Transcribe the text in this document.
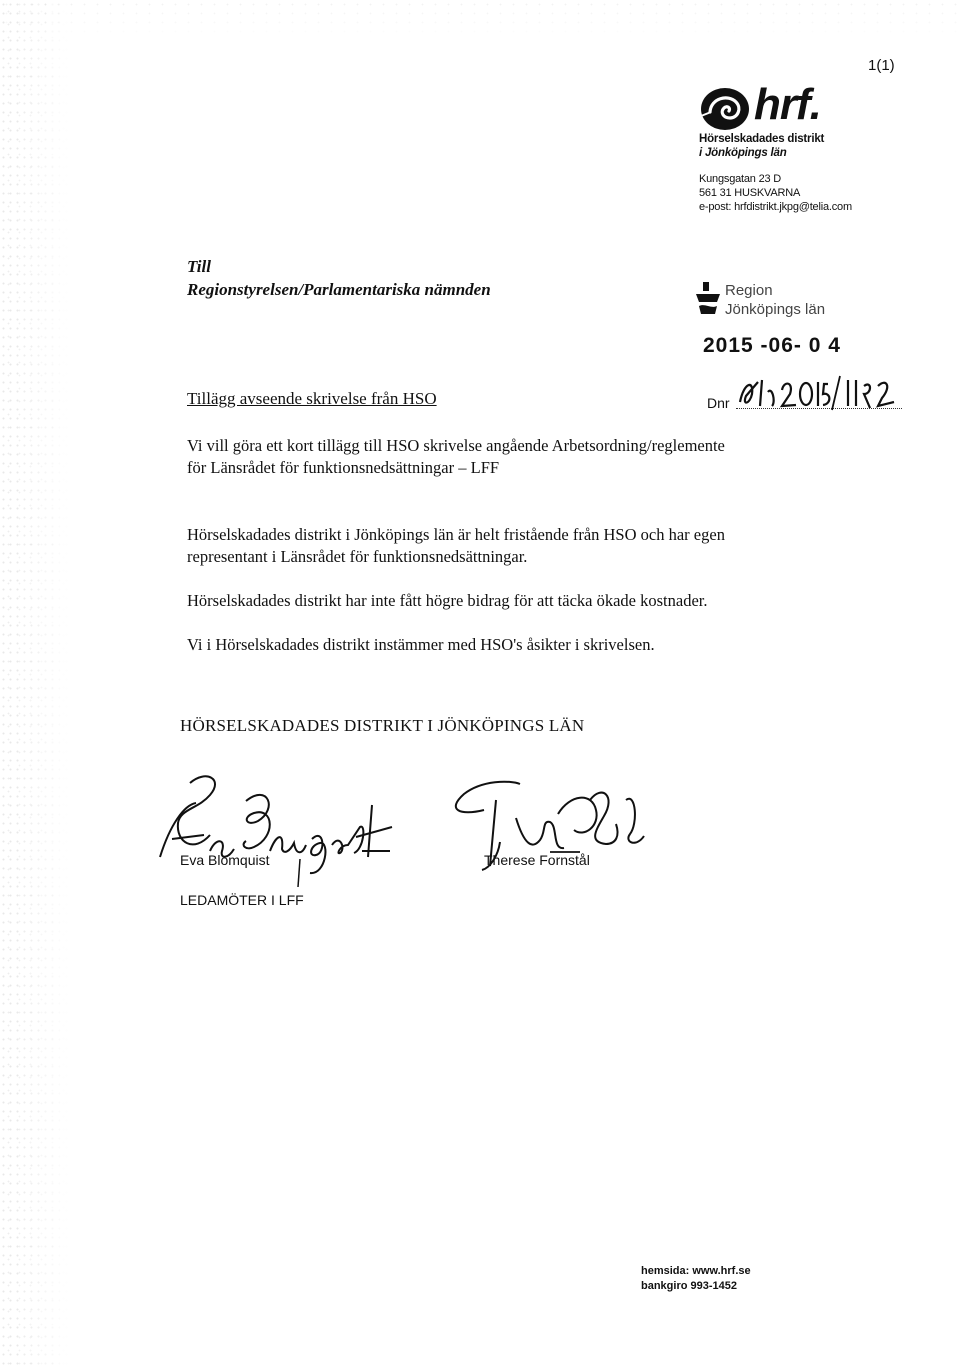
1(1)
hrf.
Hörselskadades distrikt
i Jönköpings län
Kungsgatan 23 D
561 31 HUSKVARNA
e-post: hrfdistrikt.jkpg@telia.com
Till
Regionstyrelsen/Parlamentariska nämnden	Region
Jönköpings län
2015 -06- 0 4
Tillägg avseende skrivelse från HSO	Dnr
Vi vill göra ett kort tillägg till HSO skrivelse angående Arbetsordning/reglemente
för Länsrådet för funktionsnedsättningar – LFF
Hörselskadades distrikt i Jönköpings län är helt fristående från HSO och har egen
representant i Länsrådet för funktionsnedsättningar.
Hörselskadades distrikt har inte fått högre bidrag för att täcka ökade kostnader.
Vi i Hörselskadades distrikt instämmer med HSO's åsikter i skrivelsen.
HÖRSELSKADADES DISTRIKT I JÖNKÖPINGS LÄN
Eva Blomquist	Therese Fornstål
LEDAMÖTER I LFF
hemsida: www.hrf.se
bankgiro 993-1452
